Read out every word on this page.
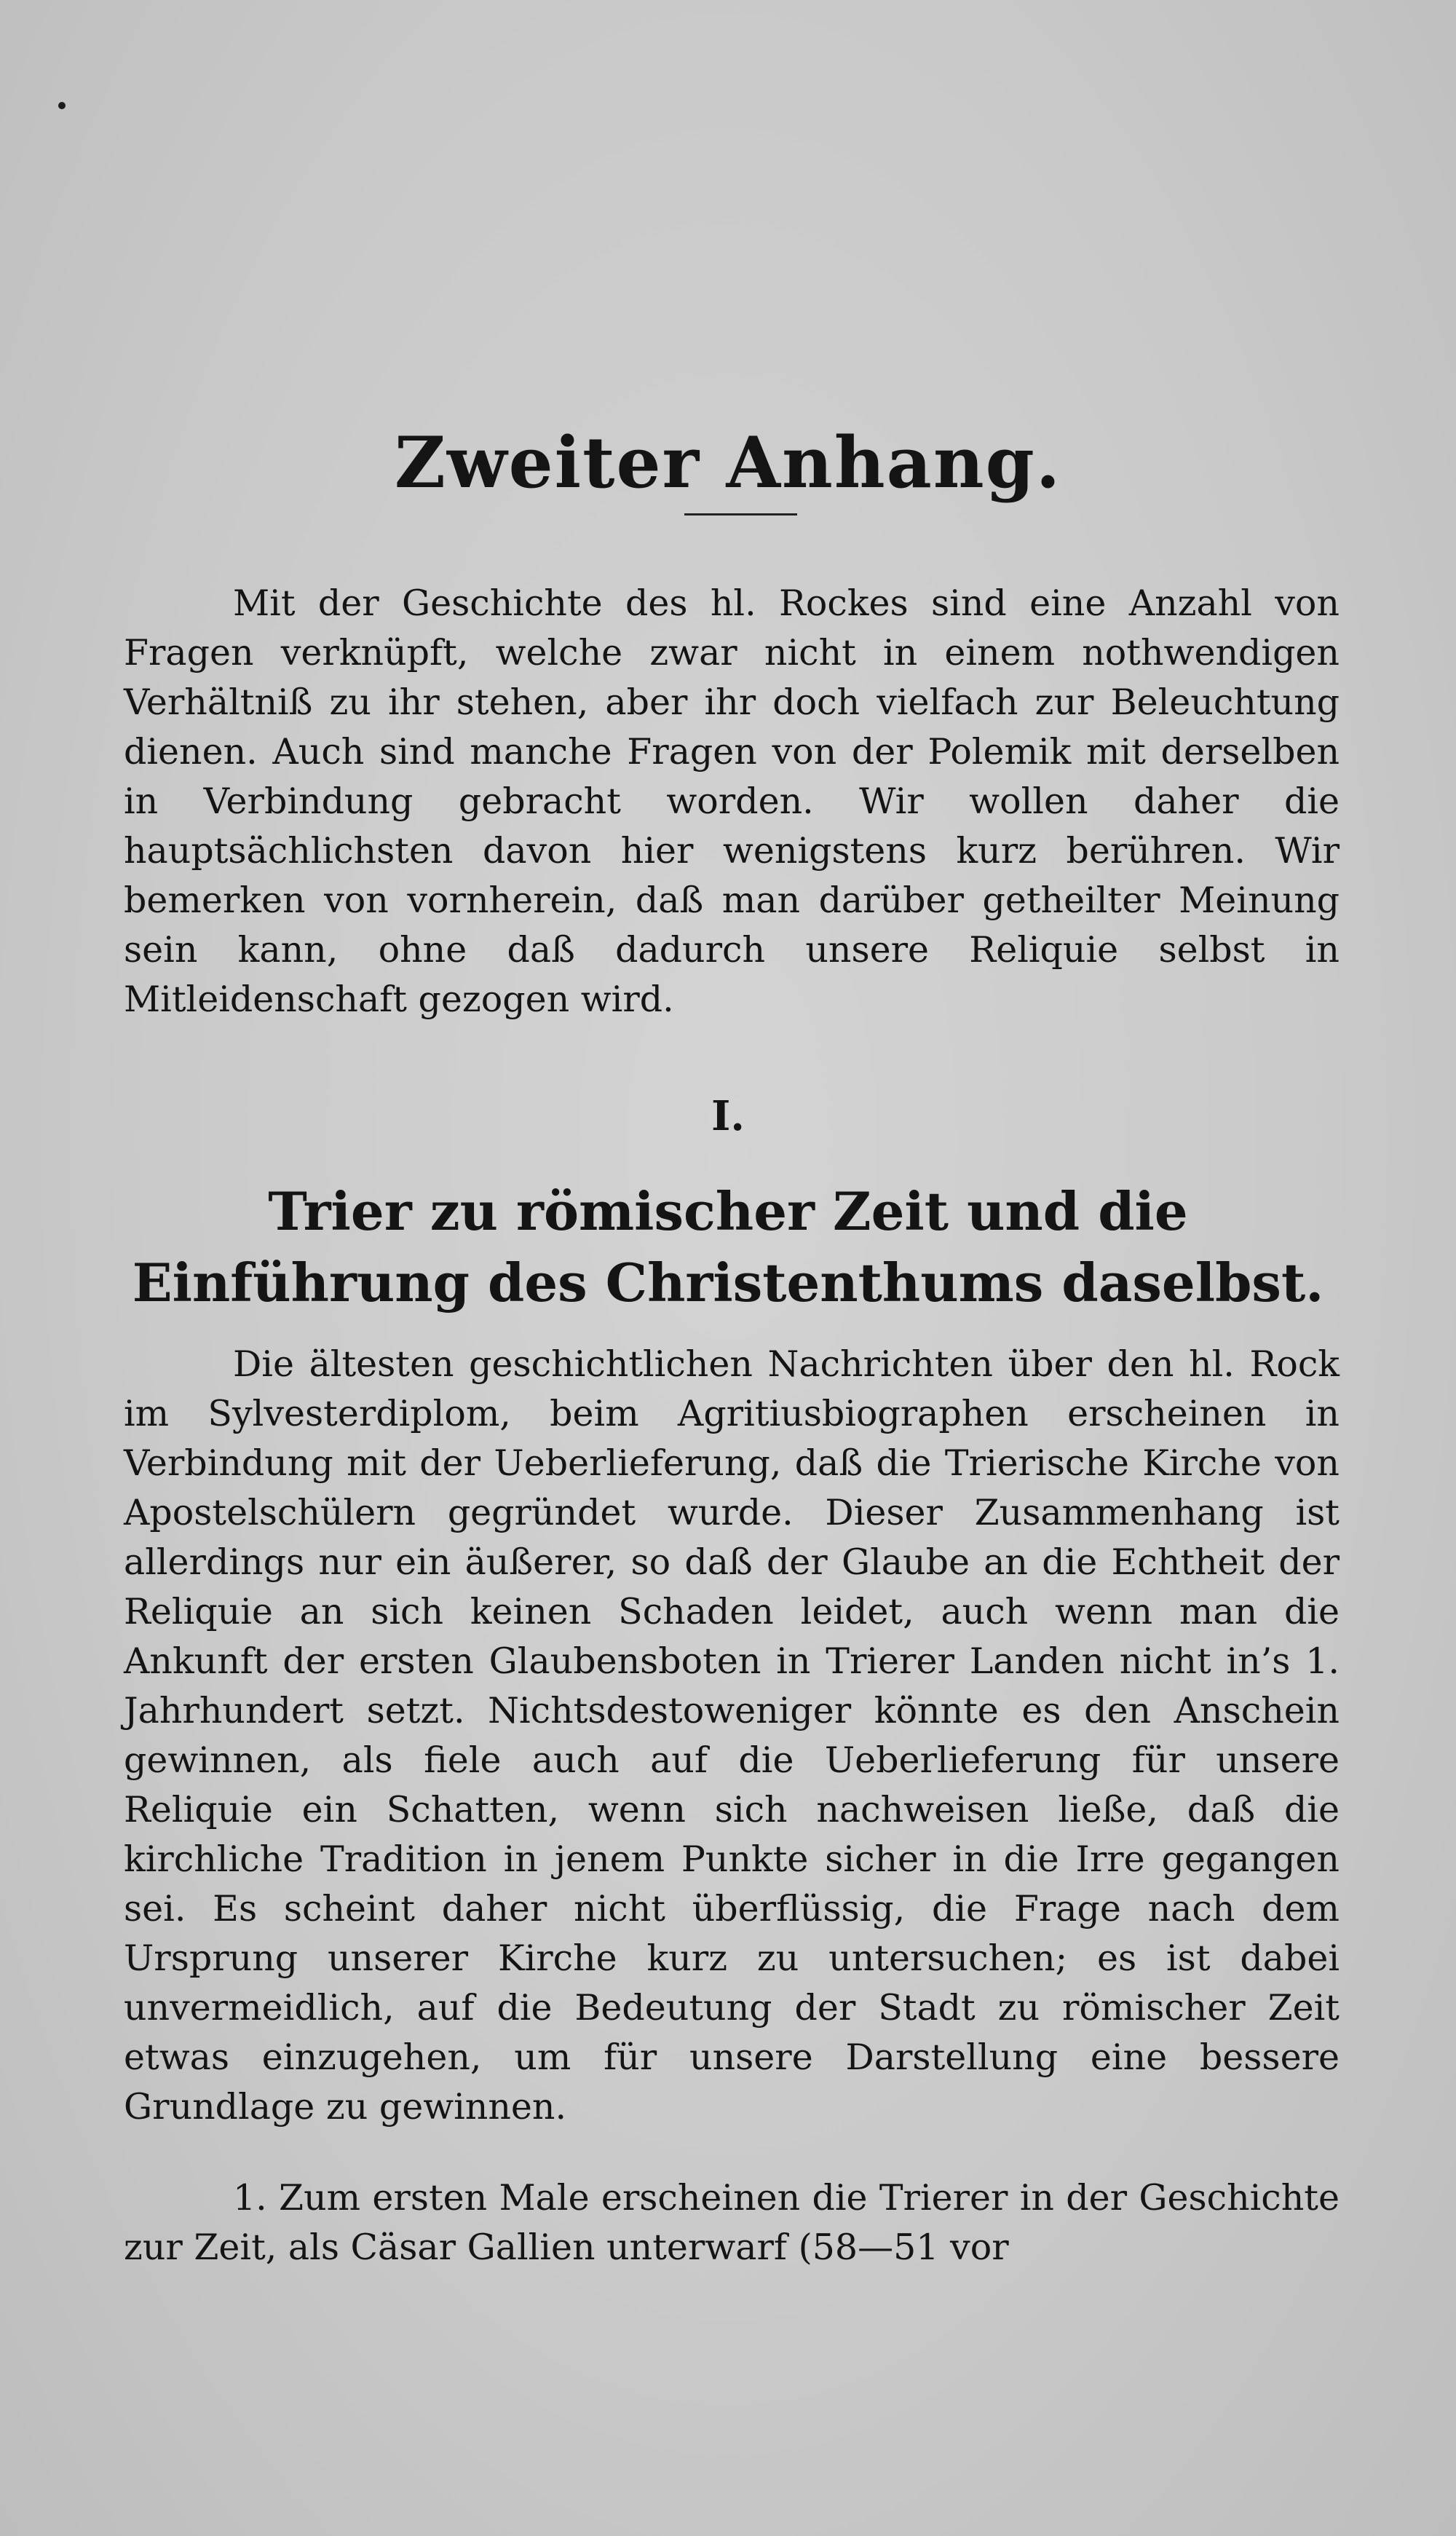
Zweiter Anhang.

Mit der Geschichte des hl. Rockes sind eine Anzahl von Fragen verknüpft, welche zwar nicht in einem nothwendigen Verhältniß zu ihr stehen, aber ihr doch vielfach zur Beleuchtung dienen. Auch sind manche Fragen von der Polemik mit derselben in Verbindung gebracht worden. Wir wollen daher die hauptsächlichsten davon hier wenigstens kurz berühren. Wir bemerken von vornherein, daß man darüber getheilter Meinung sein kann, ohne daß dadurch unsere Reliquie selbst in Mitleidenschaft gezogen wird.

I.
Trier zu römischer Zeit und die Einführung des Christenthums daselbst.

Die ältesten geschichtlichen Nachrichten über den hl. Rock im Sylvesterdiplom, beim Agritiusbiographen erscheinen in Verbindung mit der Ueberlieferung, daß die Trierische Kirche von Apostelschülern gegründet wurde. Dieser Zusammenhang ist allerdings nur ein äußerer, so daß der Glaube an die Echtheit der Reliquie an sich keinen Schaden leidet, auch wenn man die Ankunft der ersten Glaubensboten in Trierer Landen nicht in’s 1. Jahrhundert setzt. Nichtsdestoweniger könnte es den Anschein gewinnen, als fiele auch auf die Ueberlieferung für unsere Reliquie ein Schatten, wenn sich nachweisen ließe, daß die kirchliche Tradition in jenem Punkte sicher in die Irre gegangen sei. Es scheint daher nicht überflüssig, die Frage nach dem Ursprung unserer Kirche kurz zu untersuchen; es ist dabei unvermeidlich, auf die Bedeutung der Stadt zu römischer Zeit etwas einzugehen, um für unsere Darstellung eine bessere Grundlage zu gewinnen.

1. Zum ersten Male erscheinen die Trierer in der Geschichte zur Zeit, als Cäsar Gallien unterwarf (58—51 vor
